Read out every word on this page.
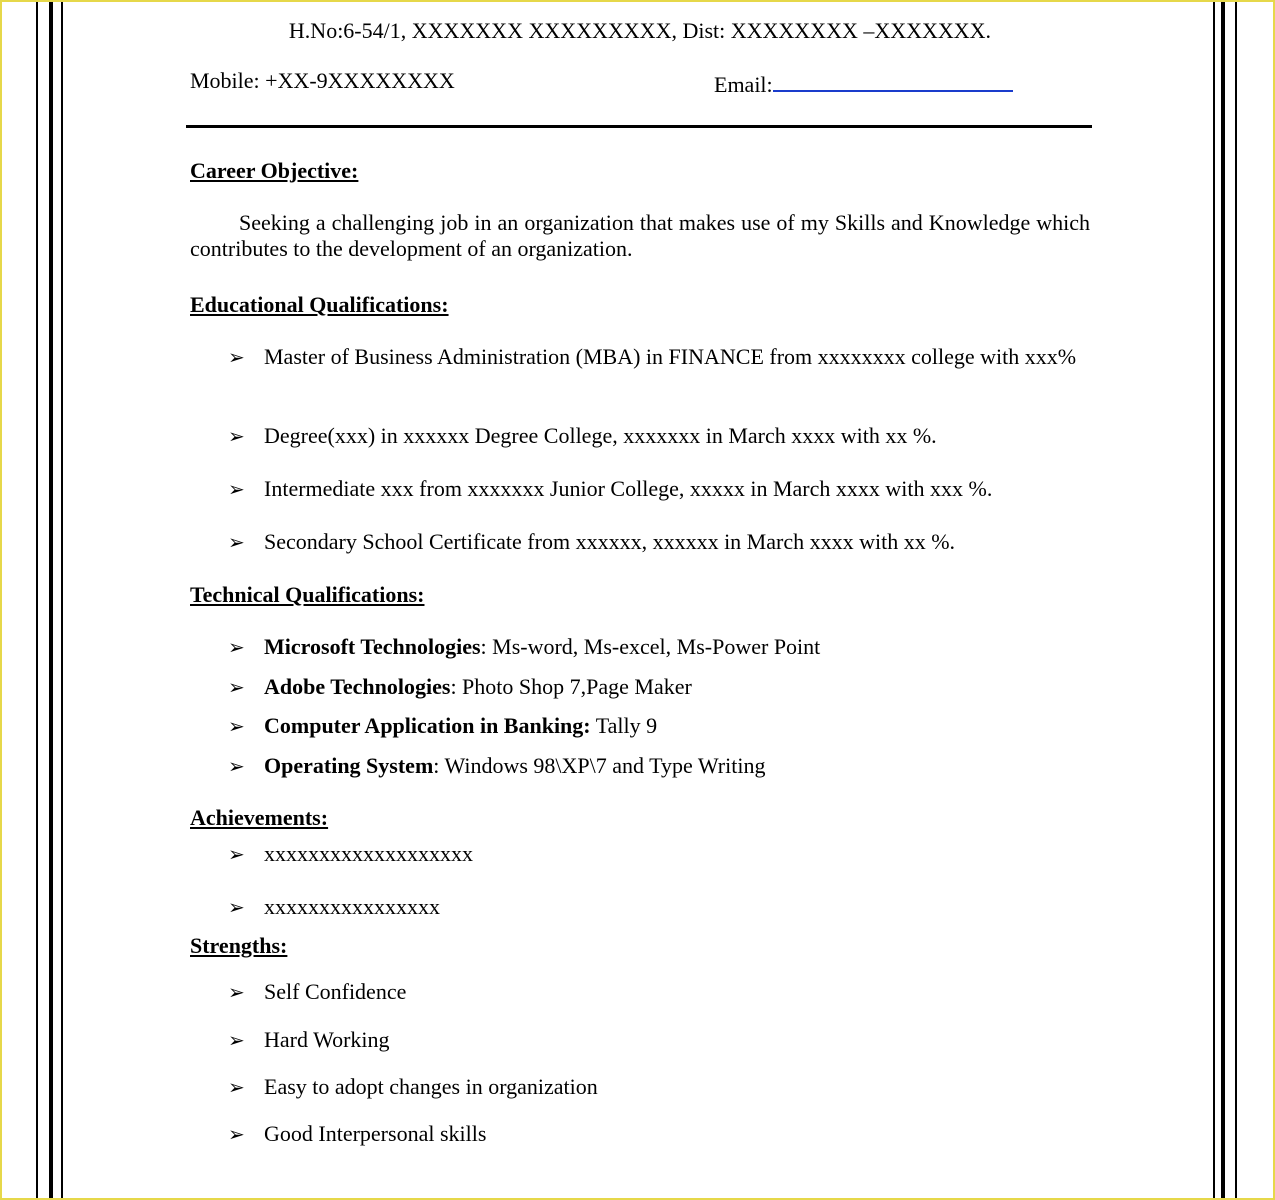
H.No:6-54/1, XXXXXXX XXXXXXXXX, Dist: XXXXXXXX –XXXXXXX.
Mobile: +XX-9XXXXXXXX	Email:
Career Objective:
Seeking a challenging job in an organization that makes use of my Skills and Knowledge which contributes to the development of an organization.
Educational Qualifications:
➢ Master of Business Administration (MBA) in FINANCE from xxxxxxxx college with xxx%
➢ Degree(xxx) in xxxxxx Degree College, xxxxxxx in March xxxx with xx %.
➢ Intermediate xxx from xxxxxxx Junior College, xxxxx in March xxxx with xxx %.
➢ Secondary School Certificate from xxxxxx, xxxxxx in March xxxx with xx %.
Technical Qualifications:
➢ Microsoft Technologies: Ms-word, Ms-excel, Ms-Power Point
➢ Adobe Technologies: Photo Shop 7,Page Maker
➢ Computer Application in Banking: Tally 9
➢ Operating System: Windows 98\XP\7 and Type Writing
Achievements:
➢ xxxxxxxxxxxxxxxxxxx
➢ xxxxxxxxxxxxxxxx
Strengths:
➢ Self Confidence
➢ Hard Working
➢ Easy to adopt changes in organization
➢ Good Interpersonal skills
